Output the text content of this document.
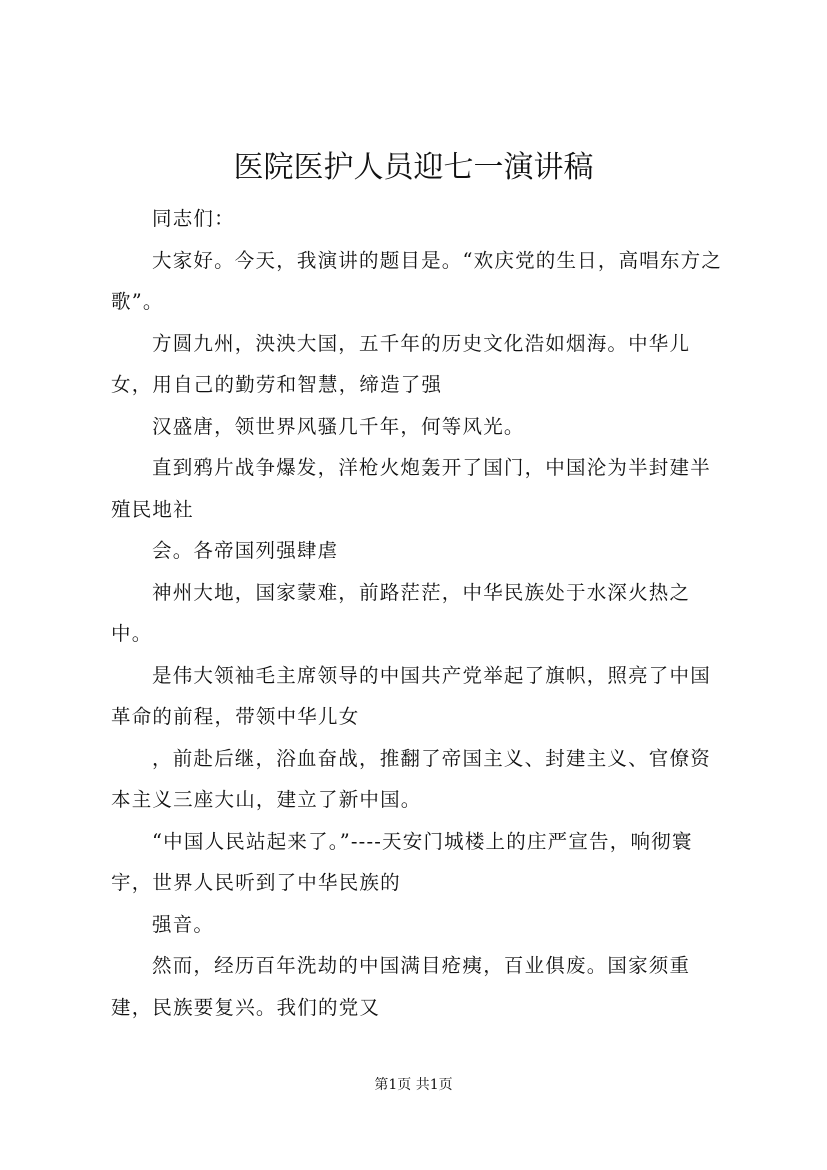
医院医护人员迎七一演讲稿

同志们：

大家好。今天，我演讲的题目是。“欢庆党的生日，高唱东方之歌”。

方圆九州，泱泱大国，五千年的历史文化浩如烟海。中华儿女，用自己的勤劳和智慧，缔造了强

汉盛唐，领世界风骚几千年，何等风光。

直到鸦片战争爆发，洋枪火炮轰开了国门，中国沦为半封建半殖民地社

会。各帝国列强肆虐

神州大地，国家蒙难，前路茫茫，中华民族处于水深火热之中。

是伟大领袖毛主席领导的中国共产党举起了旗帜，照亮了中国革命的前程，带领中华儿女

，前赴后继，浴血奋战，推翻了帝国主义、封建主义、官僚资本主义三座大山，建立了新中国。

“中国人民站起来了。”----天安门城楼上的庄严宣告，响彻寰宇，世界人民听到了中华民族的

强音。

然而，经历百年洗劫的中国满目疮痍，百业俱废。国家须重建，民族要复兴。我们的党又

第1页 共1页
